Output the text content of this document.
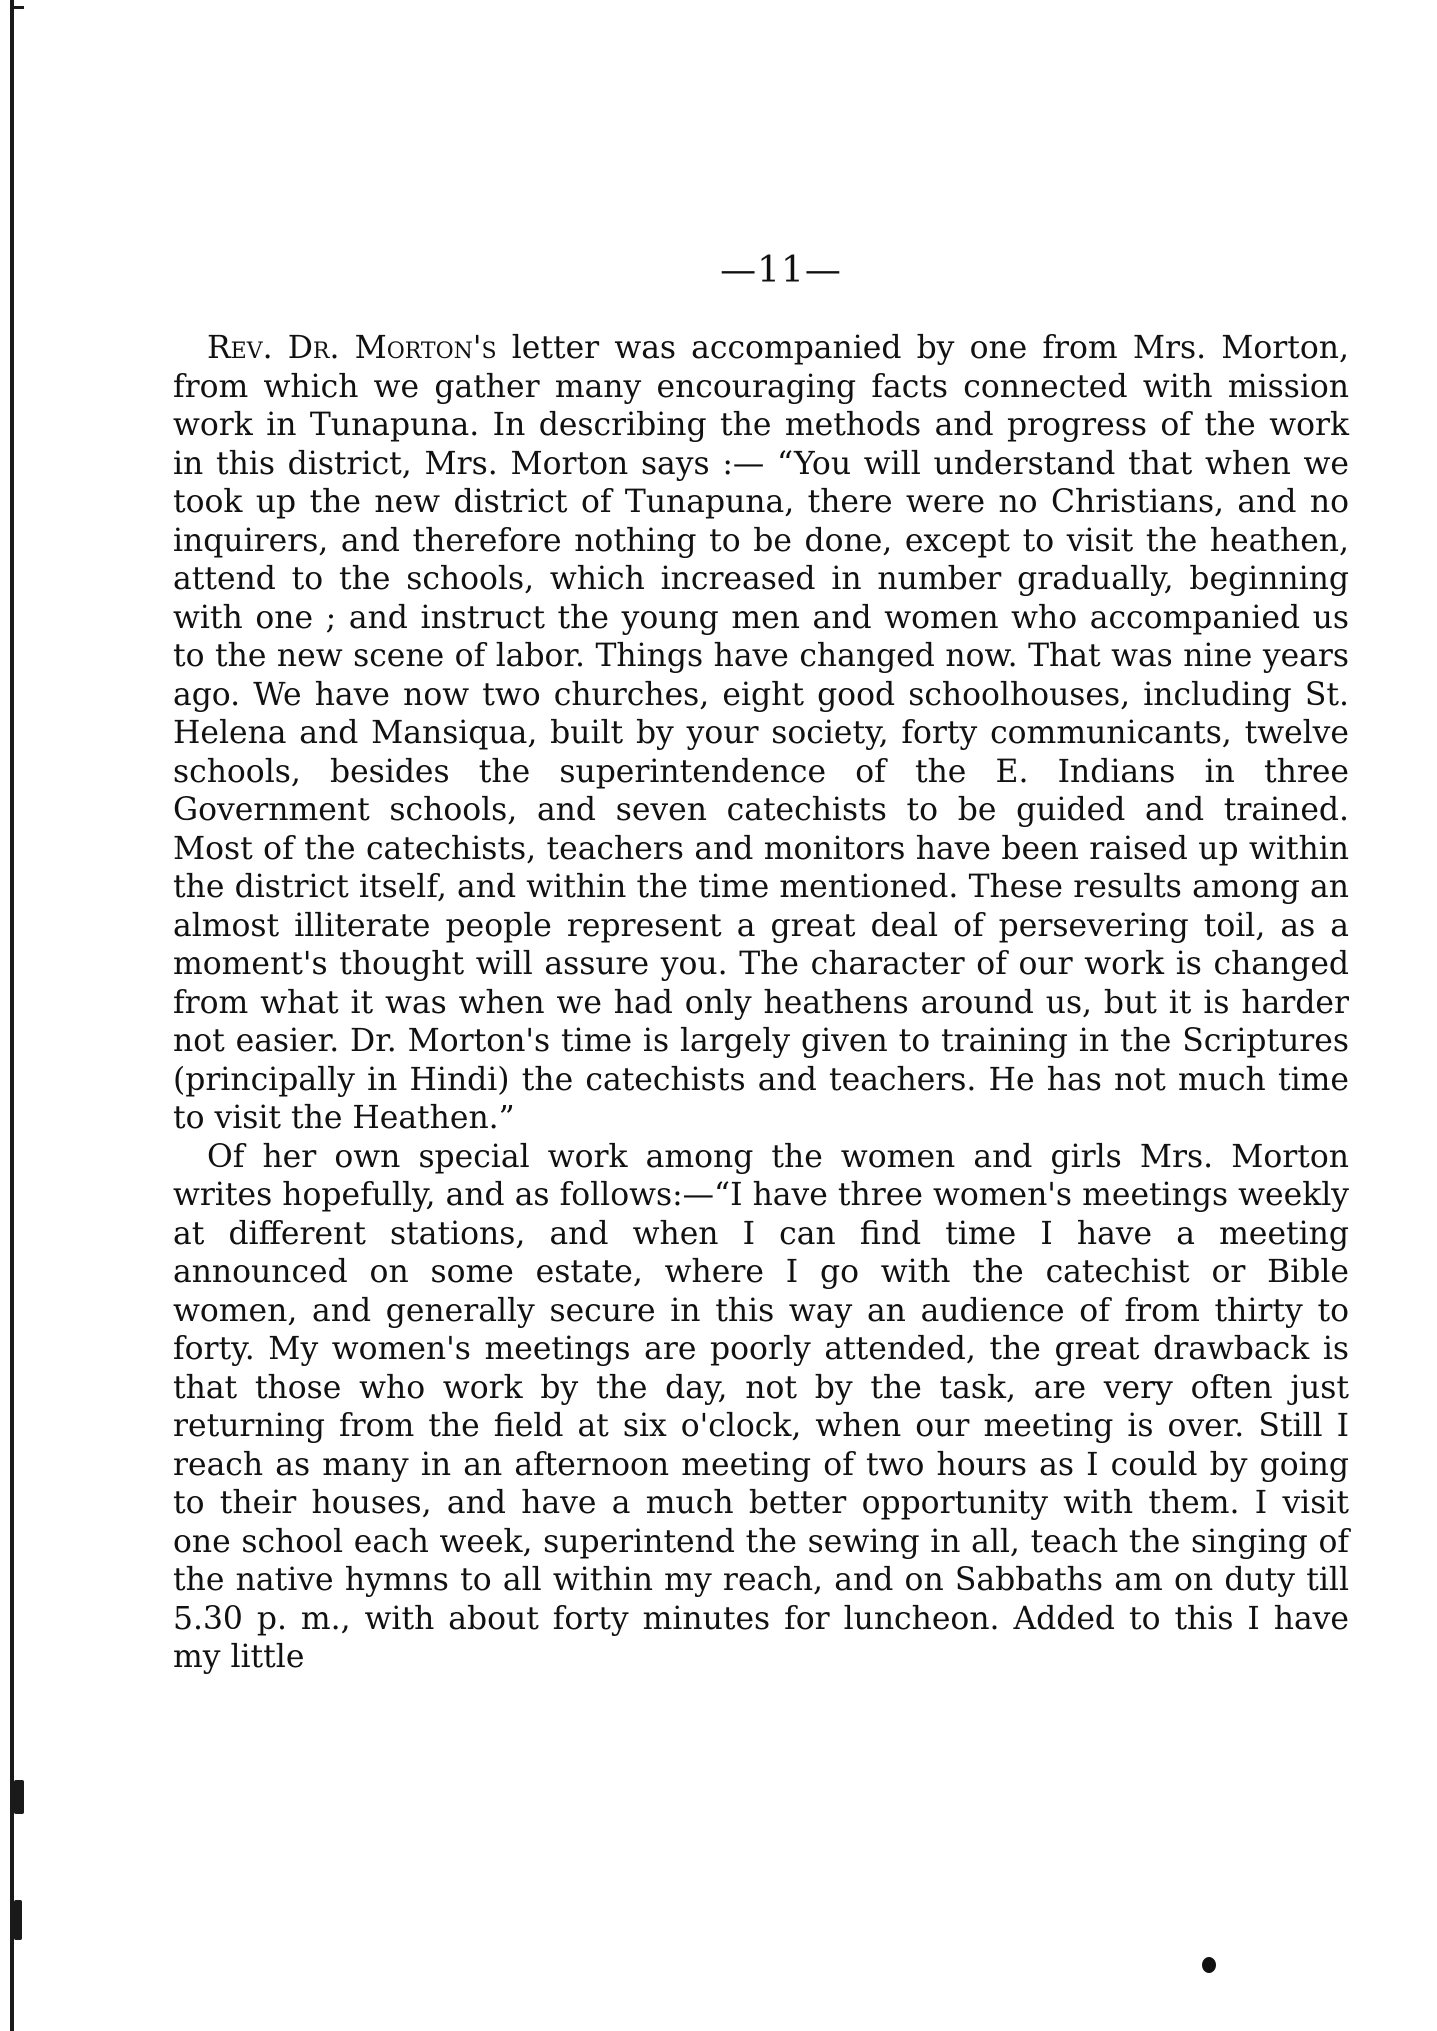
—11—

Rev. Dr. Morton's letter was accompanied by one from Mrs. Morton, from which we gather many encouraging facts connected with mission work in Tunapuna. In describing the methods and progress of the work in this district, Mrs. Morton says :— “You will understand that when we took up the new district of Tunapuna, there were no Christians, and no inquirers, and therefore nothing to be done, except to visit the heathen, attend to the schools, which increased in number gradually, beginning with one ; and instruct the young men and women who accompanied us to the new scene of labor. Things have changed now. That was nine years ago. We have now two churches, eight good schoolhouses, including St. Helena and Mansiqua, built by your society, forty communicants, twelve schools, besides the superintendence of the E. Indians in three Government schools, and seven catechists to be guided and trained. Most of the catechists, teachers and monitors have been raised up within the district itself, and within the time mentioned. These results among an almost illiterate people represent a great deal of persevering toil, as a moment's thought will assure you. The character of our work is changed from what it was when we had only heathens around us, but it is harder not easier. Dr. Morton's time is largely given to training in the Scriptures (principally in Hindi) the catechists and teachers. He has not much time to visit the Heathen.”

Of her own special work among the women and girls Mrs. Morton writes hopefully, and as follows:—“I have three women's meetings weekly at different stations, and when I can find time I have a meeting announced on some estate, where I go with the catechist or Bible women, and generally secure in this way an audience of from thirty to forty. My women's meetings are poorly attended, the great drawback is that those who work by the day, not by the task, are very often just returning from the field at six o'clock, when our meeting is over. Still I reach as many in an afternoon meeting of two hours as I could by going to their houses, and have a much better opportunity with them. I visit one school each week, superintend the sewing in all, teach the singing of the native hymns to all within my reach, and on Sabbaths am on duty till 5.30 p. m., with about forty minutes for luncheon. Added to this I have my little
